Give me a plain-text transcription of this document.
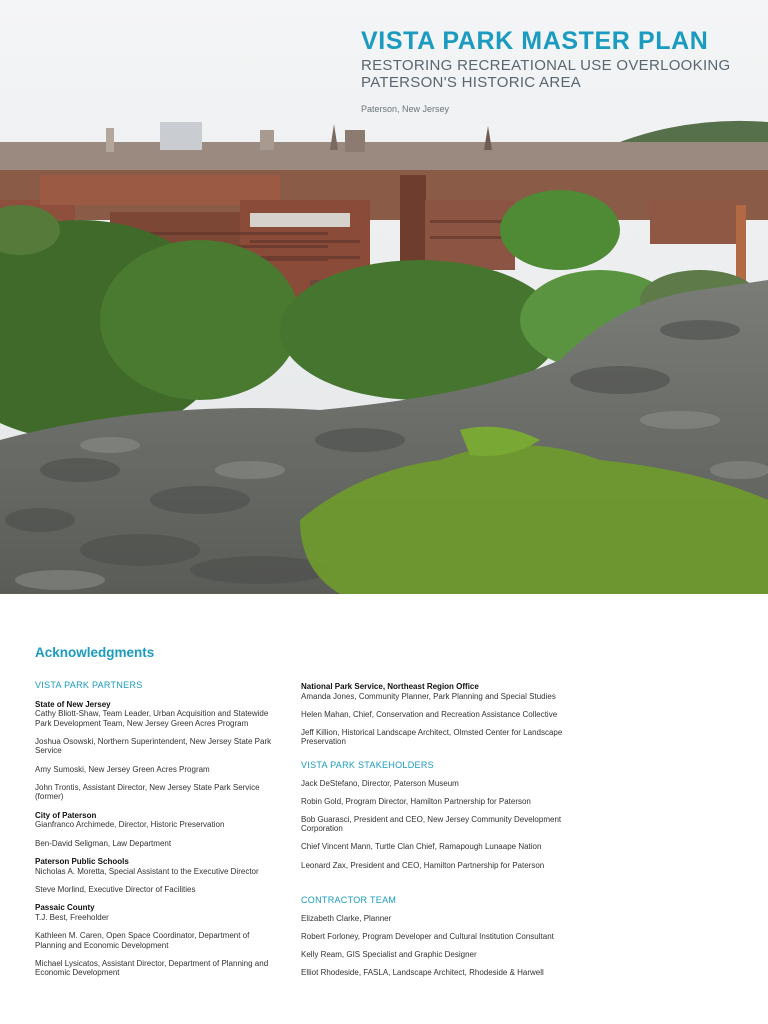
VISTA PARK MASTER PLAN
RESTORING RECREATIONAL USE OVERLOOKING
PATERSON'S HISTORIC AREA
Paterson, New Jersey
Acknowledgments
VISTA PARK PARTNERS
State of New Jersey
Cathy Bliott-Shaw, Team Leader, Urban Acquisition and Statewide Park Development Team, New Jersey Green Acres Program
Joshua Osowski, Northern Superintendent, New Jersey State Park Service
Amy Sumoski, New Jersey Green Acres Program
John Trontis, Assistant Director, New Jersey State Park Service (former)
City of Paterson
Gianfranco Archimede, Director, Historic Preservation
Ben-David Seligman, Law Department
Paterson Public Schools
Nicholas A. Moretta, Special Assistant to the Executive Director
Steve Morlind, Executive Director of Facilities
Passaic County
T.J. Best, Freeholder
Kathleen M. Caren, Open Space Coordinator, Department of Planning and Economic Development
Michael Lysicatos, Assistant Director, Department of Planning and Economic Development
National Park Service, Northeast Region Office
Amanda Jones, Community Planner, Park Planning and Special Studies
Helen Mahan, Chief, Conservation and Recreation Assistance Collective
Jeff Killion, Historical Landscape Architect, Olmsted Center for Landscape Preservation
VISTA PARK STAKEHOLDERS
Jack DeStefano, Director, Paterson Museum
Robin Gold, Program Director, Hamilton Partnership for Paterson
Bob Guarasci, President and CEO, New Jersey Community Development Corporation
Chief Vincent Mann, Turtle Clan Chief, Ramapough Lunaape Nation
Leonard Zax, President and CEO, Hamilton Partnership for Paterson
CONTRACTOR TEAM
Elizabeth Clarke, Planner
Robert Forloney, Program Developer and Cultural Institution Consultant
Kelly Ream, GIS Specialist and Graphic Designer
Elliot Rhodeside, FASLA, Landscape Architect, Rhodeside & Harwell
